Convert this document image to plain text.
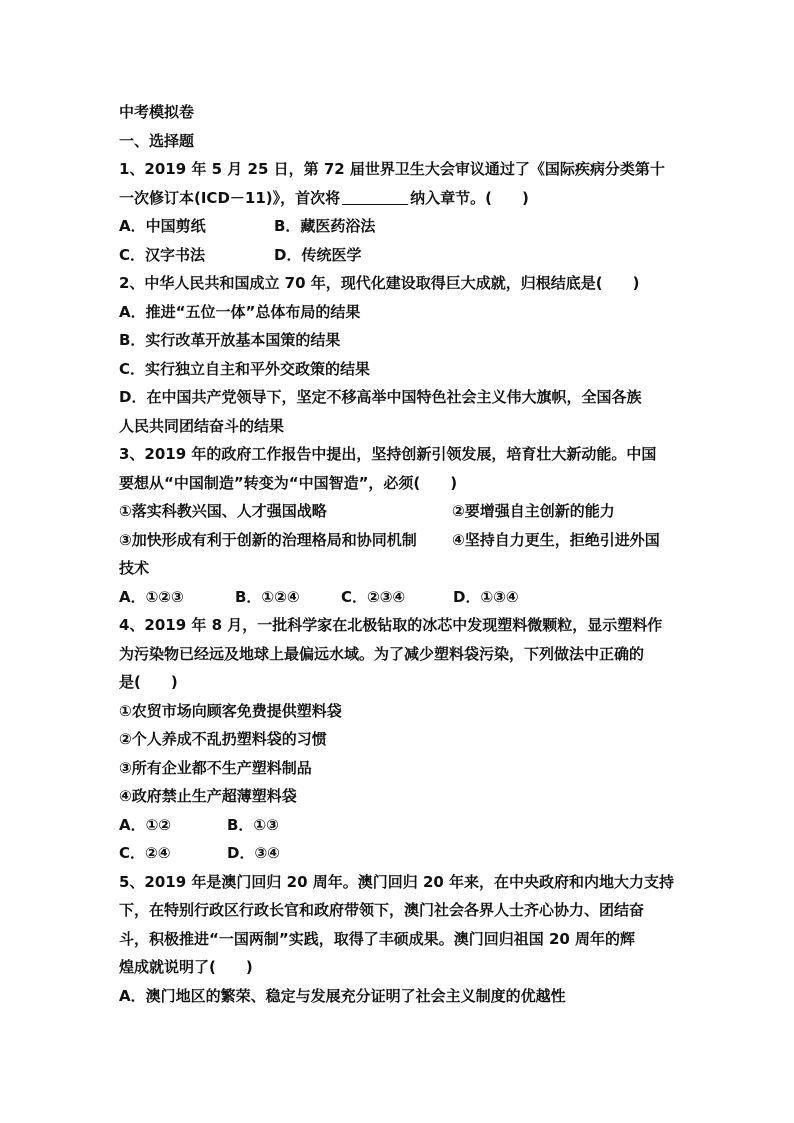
中考模拟卷
一、选择题
1、2019 年 5 月 25 日，第 72 届世界卫生大会审议通过了《国际疾病分类第十
一次修订本(ICD－11)》，首次将	纳入章节。(　　)
A．中国剪纸	B．藏医药浴法
C．汉字书法	D．传统医学
2、中华人民共和国成立 70 年，现代化建设取得巨大成就，归根结底是(　　)
A．推进“五位一体”总体布局的结果
B．实行改革开放基本国策的结果
C．实行独立自主和平外交政策的结果
D．在中国共产党领导下，坚定不移高举中国特色社会主义伟大旗帜，全国各族
人民共同团结奋斗的结果
3、2019 年的政府工作报告中提出，坚持创新引领发展，培育壮大新动能。中国
要想从“中国制造”转变为“中国智造”，必须(　　)
①落实科教兴国、人才强国战略	②要增强自主创新的能力
③加快形成有利于创新的治理格局和协同机制	④坚持自力更生，拒绝引进外国
技术
A．①②③	B．①②④	C．②③④	D．①③④
4、2019 年 8 月，一批科学家在北极钻取的冰芯中发现塑料微颗粒，显示塑料作
为污染物已经远及地球上最偏远水域。为了减少塑料袋污染，下列做法中正确的
是(　　)
①农贸市场向顾客免费提供塑料袋
②个人养成不乱扔塑料袋的习惯
③所有企业都不生产塑料制品
④政府禁止生产超薄塑料袋
A．①②	B．①③
C．②④	D．③④
5、2019 年是澳门回归 20 周年。澳门回归 20 年来，在中央政府和内地大力支持
下，在特别行政区行政长官和政府带领下，澳门社会各界人士齐心协力、团结奋
斗，积极推进“一国两制”实践，取得了丰硕成果。澳门回归祖国 20 周年的辉
煌成就说明了(　　)
A．澳门地区的繁荣、稳定与发展充分证明了社会主义制度的优越性
